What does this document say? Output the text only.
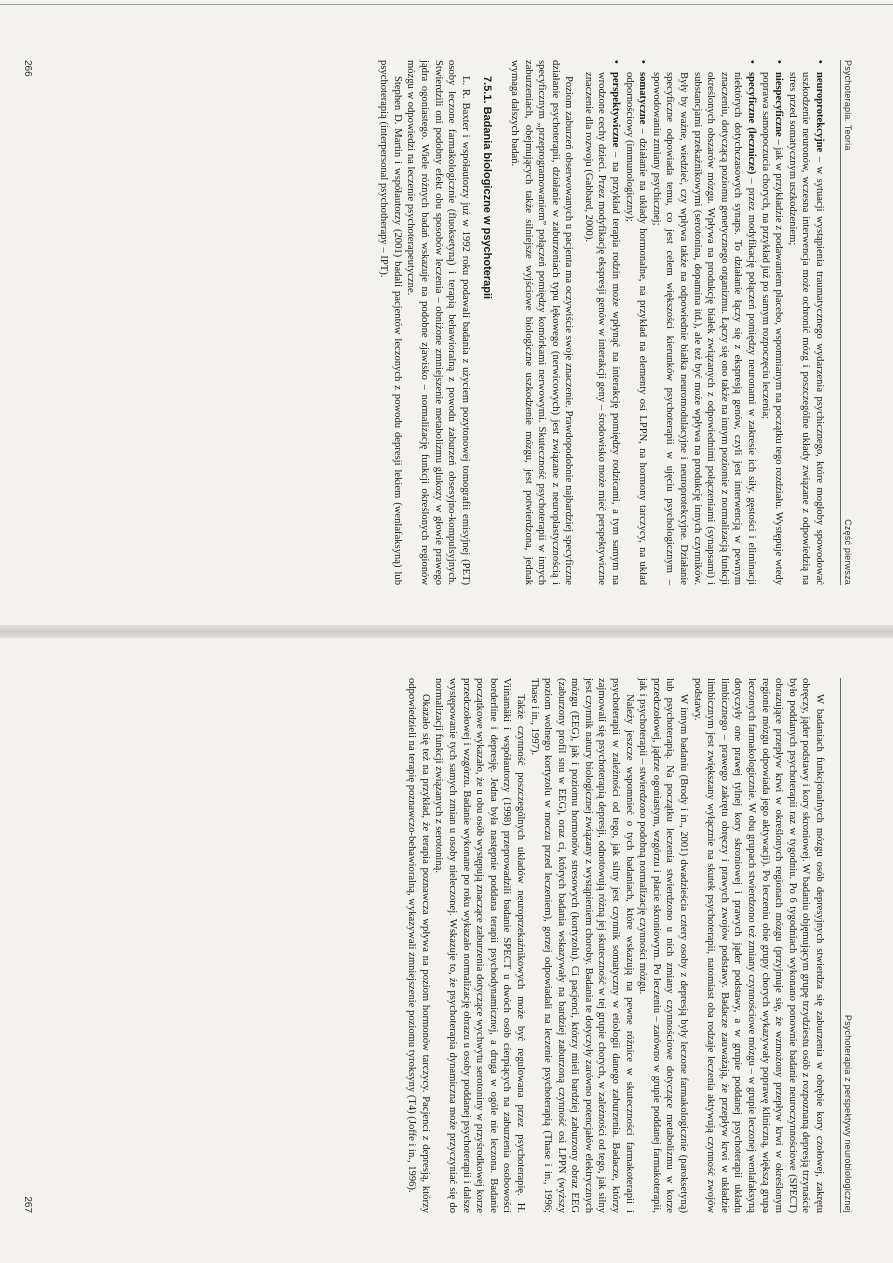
Psychoterapia. Teoria
Część pierwsza

• neuroprotekcyjne – w sytuacji wystąpienia traumatycznego wydarzenia psychicznego, które mogłoby spowodować uszkodzenie neuronów, wczesna interwencja może ochronić mózg i poszczególne układy związane z odpowiedzią na stres przed somatycznym uszkodzeniem;

• niespecyficzne – jak w przykładzie z podawaniem placebo, wspomnianym na początku tego rozdziału. Występuje wtedy poprawa samopoczucia chorych, na przykład już po samym rozpoczęciu leczenia;

• specyficzne (lecznicze) – przez modyfikację połączeń pomiędzy neuronami w zakresie ich siły, gęstości i eliminacji niektórych dotychczasowych synaps. To działanie łączy się z ekspresją genów, czyli jest interwencją w pewnym znaczeniu, dotyczącą poziomu genetycznego organizmu. Łączy się ono także na innym poziomie z normalizacją funkcji określonych obszarów mózgu. Wpływa na produkcję białek związanych z odpowiednimi połączeniami (synapsami) i substancjami przekaźnikowymi (serotonina, dopamina itd.), ale też być może wpływa na produkcję innych czynników. Były by ważne, wiedzieć, czy wpływa także na odpowiednie białka neuromodulacyjne i neuroprotekcyjne. Działanie specyficzne odpowiada temu, co jest celem większości kierunków psychoterapii w ujęciu psychologicznym – spowodowaniu zmiany psychicznej;

• somatyczne – działanie na układy hormonalne, na przykład na elementy osi LPPN, na hormony tarczycy, na układ odpornościowy (immunologiczny);

• perspektywiczne – na przykład terapia rodzin może wpłynąć na interakcję pomiędzy rodzicami, a tym samym na wrodzone cechy dzieci. Przez modyfikację ekspresji genów w interakcji geny – środowisko może mieć perspektywiczne znaczenie dla rozwoju (Gabbard, 2000).

Poziom zaburzeń obserwowanych u pacjenta ma oczywiście swoje znaczenie. Prawdopodobnie najbardziej specyficzne działanie psychoterapii, działanie w zaburzeniach typu lękowego (nerwicowych) jest związane z neuroplastycznością i specyficznym „przeprogramowaniem” połączeń pomiędzy komórkami nerwowymi. Skuteczność psychoterapii w innych zaburzeniach, obejmujących także silniejsze wyjściowe biologiczne uszkodzenie mózgu, jest potwierdzona, jednak wymaga dalszych badań.

7.5.1. Badania biologiczne w psychoterapii

L. R. Baxter i współautorzy już w 1992 roku podawali badania z użyciem pozytonowej tomografii emisyjnej (PET) osoby leczone farmakologicznie (fluoksetyną) i terapią behawioralną z powodu zaburzeń obsesyjno-kompulsyjnych. Stwierdzili oni podobny efekt obu sposobów leczenia – obniżone zmniejszenie metabolizmu glukozy w głowie prawego jądra ogoniastego. Wiele różnych badań wskazuje na podobne zjawisko – normalizację funkcji określonych regionów mózgu w odpowiedzi na leczenie psychoterapeutyczne.

Stephen D. Martin i współautorzy (2001) badali pacjentów leczonych z powodu depresji lekiem (wenlafaksyną) lub psychoterapią (interpersonal psychotherapy – IPT).

266
Psychoterapia z perspektywy neurobiologicznej

W badaniach funkcjonalnych mózgu osób depresyjnych stwierdza się zaburzenia w obrębie kory czołowej, zakrętu obręczy, jąder podstawy i kory skroniowej. W badaniu objęmującym grupę trzydziestu osób z rozpoznaną depresją trzynaście było poddanych psychoterapii raz w tygodniu. Po 6 tygodniach wykonano ponownie badanie neuroczynnościowe (SPECT) obrazujące przepływ krwi w określonych regionach mózgu (przyjmuje się, że wzmożony przepływ krwi w określonym regionie mózgu odpowiada jego aktywacji). Po leczeniu obie grupy chorych wykazywały poprawę kliniczną, większą grupa leczonych farmakologicznie. W obu grupach stwierdzono też zmiany czynnościowe mózgu – w grupie leczonej wenlafaksyną dotyczyły one prawej tylnej kory skroniowej i prawych jąder podstawy, a w grupie poddanej psychoterapii układu limbicznego – prawego zakrętu obręczy i prawych zwojów podstawy. Badacze zauważają, że przepływ krwi w układzie limbicznym jest zwiększany wyłącznie na skutek psychoterapii, natomiast oba rodzaje leczenia aktywują czynność zwojów podstawy.

W innym badaniu (Brody i in., 2001) dwadzieścia cztery osoby z depresją były leczone farmakologicznie (paroksetyną) lub psychoterapią. Na początku leczenia stwierdzono u nich zmiany czynnościowe dotyczące metabolizmu w korze przedczołowej, jądrze ogoniastym, wzgórzu i płacie skroniowym. Po leczeniu – zarówno w grupie poddanej farmakoterapii, jak i psychoterapii – stwierdzono podobną normalizację czynności mózgu.

Należy jeszcze wspomnieć o tych badaniach, które wskazują na pewne różnice w skuteczności farmakoterapii i psychoterapii w zależności od tego, jak silny jest czynnik somatyczny w etiologii danego zaburzenia. Badacze, którzy zajmowali się psychoterapią depresji, odnotowują różną jej skuteczność w tej grupie chorych, w zależności od tego, jak silny jest czynnik natury biologicznej związany z wystąpieniem choroby. Badania te dotyczyły zarówno potencjałów elektrycznych mózgu (EEG), jak i poziomu hormonów stresowych (kortyzolu). Ci pacjenci, którzy mieli bardziej zaburzony obraz EEG (zaburzony profil snu w EEG), oraz ci, których badania wskazywały na bardziej zaburzoną czynność osi LPPN (wyższy poziom wolnego kortyzolu w moczu przed leczeniem), gorzej odpowiadali na leczenie psychoterapią (Thase i in., 1996; Thase i in., 1997).

Także czynność poszczególnych układów neuroprzekaźnikowych może być regulowana przez psychoterapię. H. Viinamäki i współautorzy (1998) przeprowadzili badanie SPECT u dwóch osób cierpiących na zaburzenia osobowości borderline i depresję. Jedna była następnie poddana terapii psychodynamicznej, a druga w ogóle nie leczona. Badanie początkowe wykazało, że u obu osób występują znaczące zaburzenia dotyczące wychwytu serotoniny w przyśrodkowej korze przedczołowej i wzgórzu. Badanie wykonane po roku wykazało normalizację obrazu u osoby poddanej psychoterapii i dalsze występowanie tych samych zmian u osoby nieleczonej. Wskazuje to, że psychoterapia dynamiczna może przyczyniać się do normalizacji funkcji związanych z serotoniną.

Okazało się też na przykład, że terapia poznawcza wpływa na poziom hormonów tarczycy. Pacjenci z depresją, którzy odpowiedzieli na terapię poznawczo-behawioralną, wykazywali zmniejszenie poziomu tyroksyny (T4) (Joffe i in., 1996).

267
